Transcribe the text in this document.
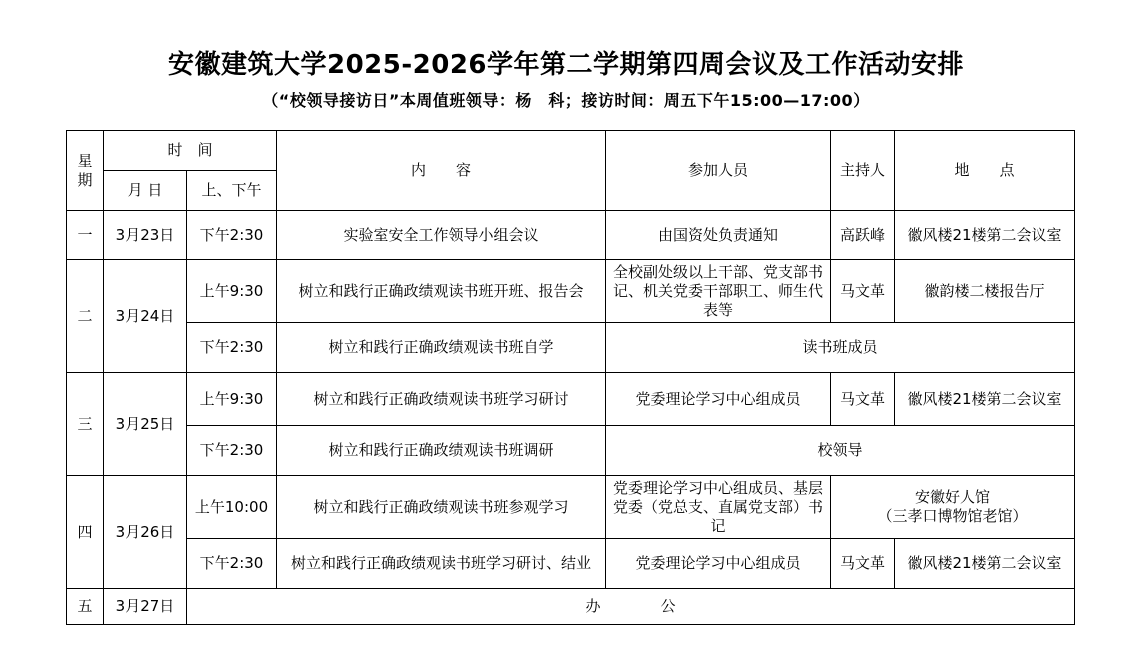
安徽建筑大学2025-2026学年第二学期第四周会议及工作活动安排
（“校领导接访日”本周值班领导：杨　科；接访时间：周五下午15:00—17:00）
星期	时　间		内　　容	参加人员	主持人	地　　点
	月 日	上、下午				
一	3月23日	下午2:30	实验室安全工作领导小组会议	由国资处负责通知	高跃峰	徽风楼21楼第二会议室
二	3月24日	上午9:30	树立和践行正确政绩观读书班开班、报告会	全校副处级以上干部、党支部书记、机关党委干部职工、师生代表等	马文革	徽韵楼二楼报告厅
		下午2:30	树立和践行正确政绩观读书班自学	读书班成员		
三	3月25日	上午9:30	树立和践行正确政绩观读书班学习研讨	党委理论学习中心组成员	马文革	徽风楼21楼第二会议室
		下午2:30	树立和践行正确政绩观读书班调研	校领导		
四	3月26日	上午10:00	树立和践行正确政绩观读书班参观学习	党委理论学习中心组成员、基层党委（党总支、直属党支部）书记	安徽好人馆
（三孝口博物馆老馆）	

		下午2:30	树立和践行正确政绩观读书班学习研讨、结业	党委理论学习中心组成员	马文革	徽风楼21楼第二会议室
五	3月27日	办　　　　公				
